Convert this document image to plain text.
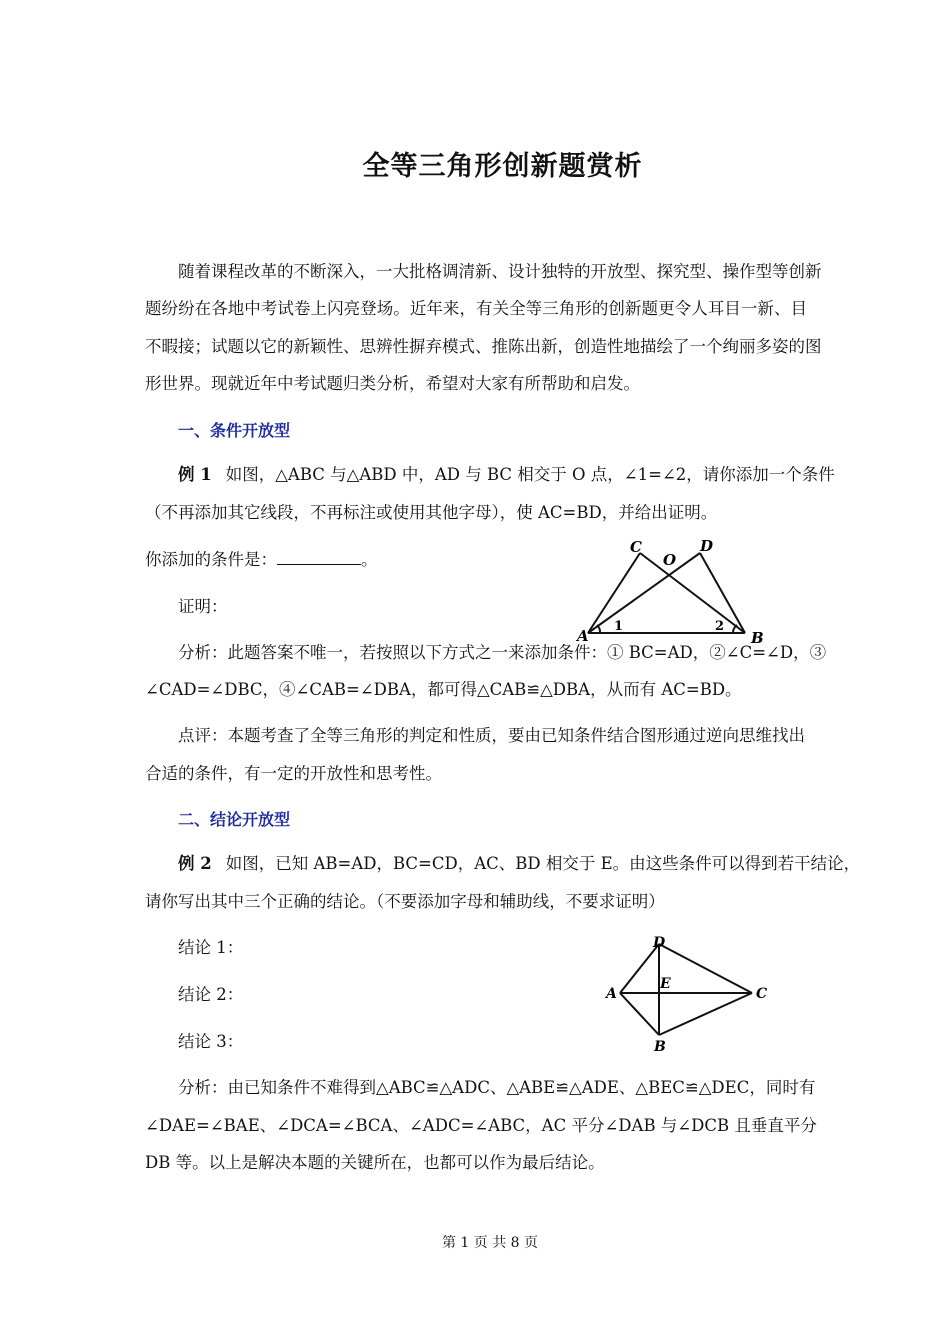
全等三角形创新题赏析
随着课程改革的不断深入，一大批格调清新、设计独特的开放型、探究型、操作型等创新
题纷纷在各地中考试卷上闪亮登场。近年来，有关全等三角形的创新题更令人耳目一新、目
不暇接；试题以它的新颖性、思辨性摒弃模式、推陈出新，创造性地描绘了一个绚丽多姿的图
形世界。现就近年中考试题归类分析，希望对大家有所帮助和启发。
一、条件开放型
例 1 如图，△ABC 与△ABD 中，AD 与 BC 相交于 O 点，∠1=∠2，请你添加一个条件
（不再添加其它线段，不再标注或使用其他字母），使 AC=BD，并给出证明。
你添加的条件是：	。
证明：
分析：此题答案不唯一，若按照以下方式之一来添加条件：① BC=AD，②∠C=∠D，③
∠CAD=∠DBC，④∠CAB=∠DBA，都可得△CAB≌△DBA，从而有 AC=BD。
点评：本题考查了全等三角形的判定和性质，要由已知条件结合图形通过逆向思维找出
合适的条件，有一定的开放性和思考性。
C
O
D
A	B
1	2
二、结论开放型
例 2 如图，已知 AB=AD，BC=CD，AC、BD 相交于 E。由这些条件可以得到若干结论，
请你写出其中三个正确的结论。（不要添加字母和辅助线，不要求证明）
结论 1：
结论 2：
结论 3：
分析：由已知条件不难得到△ABC≌△ADC、△ABE≌△ADE、△BEC≌△DEC，同时有
∠DAE=∠BAE、∠DCA=∠BCA、∠ADC=∠ABC，AC 平分∠DAB 与∠DCB 且垂直平分
DB 等。以上是解决本题的关键所在，也都可以作为最后结论。
D
A
E
C
B
第 1 页 共 8 页
